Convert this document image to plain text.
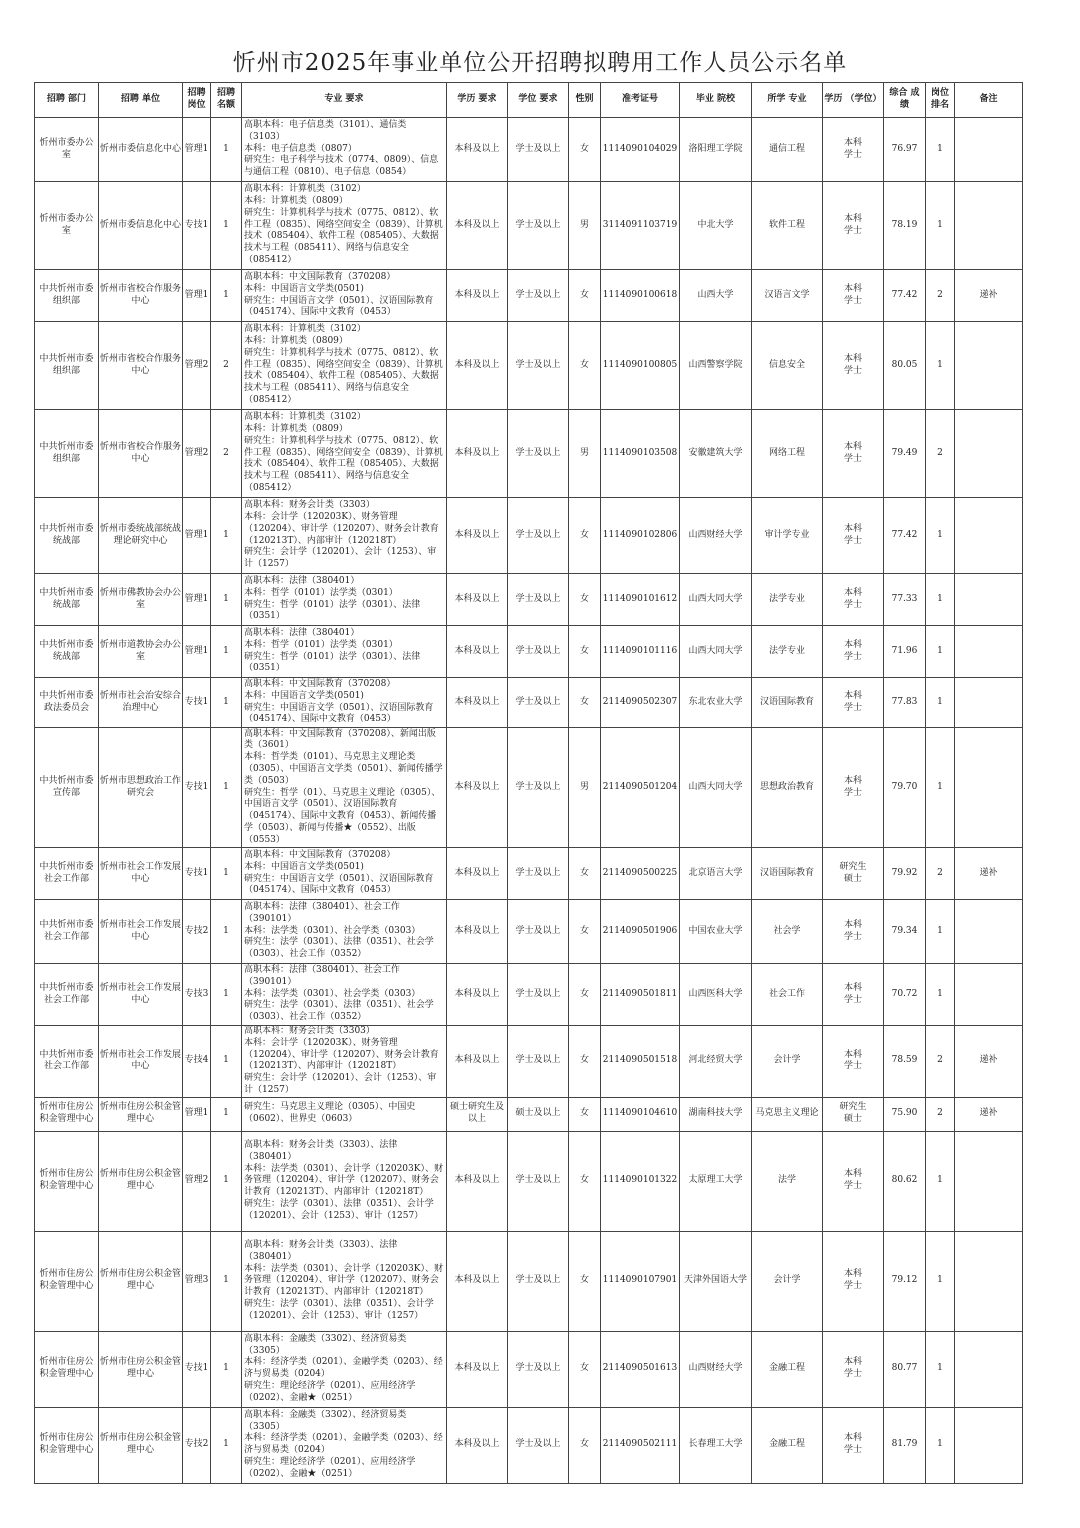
忻州市2025年事业单位公开招聘拟聘用工作人员公示名单
招聘 部门	招聘 单位	招聘 岗位	招聘 名额	专业 要求	学历 要求	学位 要求	性别	准考证号	毕业 院校	所学 专业	学历 （学位）	综合 成绩	岗位 排名	备注
忻州市委办公室	忻州市委信息化中心	管理1	1	高职本科：电子信息类（3101）、通信类（3103）
本科：电子信息类（0807）
研究生：电子科学与技术（0774、0809）、信息与通信工程（0810）、电子信息（0854）	本科及以上	学士及以上	女	1114090104029	洛阳理工学院	通信工程	本科
学士	76.97	1	
忻州市委办公室	忻州市委信息化中心	专技1	1	高职本科：计算机类（3102）
本科：计算机类（0809）
研究生：计算机科学与技术（0775、0812）、软件工程（0835）、网络空间安全（0839）、计算机技术（085404）、软件工程（085405）、大数据技术与工程（085411）、网络与信息安全（085412）	本科及以上	学士及以上	男	3114091103719	中北大学	软件工程	本科
学士	78.19	1	
中共忻州市委组织部	忻州市省校合作服务中心	管理1	1	高职本科：中文国际教育（370208）
本科：中国语言文学类(0501)
研究生：中国语言文学（0501）、汉语国际教育（045174）、国际中文教育（0453）	本科及以上	学士及以上	女	1114090100618	山西大学	汉语言文学	本科
学士	77.42	2	递补
中共忻州市委组织部	忻州市省校合作服务中心	管理2	2	高职本科：计算机类（3102）
本科：计算机类（0809）
研究生：计算机科学与技术（0775、0812）、软件工程（0835）、网络空间安全（0839）、计算机技术（085404）、软件工程（085405）、大数据技术与工程（085411）、网络与信息安全（085412）	本科及以上	学士及以上	女	1114090100805	山西警察学院	信息安全	本科
学士	80.05	1	
中共忻州市委组织部	忻州市省校合作服务中心	管理2	2	高职本科：计算机类（3102）
本科：计算机类（0809）
研究生：计算机科学与技术（0775、0812）、软件工程（0835）、网络空间安全（0839）、计算机技术（085404）、软件工程（085405）、大数据技术与工程（085411）、网络与信息安全（085412）	本科及以上	学士及以上	男	1114090103508	安徽建筑大学	网络工程	本科
学士	79.49	2	
中共忻州市委统战部	忻州市委统战部统战理论研究中心	管理1	1	高职本科：财务会计类（3303）
本科：会计学（120203K）、财务管理（120204）、审计学（120207）、财务会计教育（120213T）、内部审计（120218T）
研究生：会计学（120201）、会计（1253）、审计（1257）	本科及以上	学士及以上	女	1114090102806	山西财经大学	审计学专业	本科
学士	77.42	1	
中共忻州市委统战部	忻州市佛教协会办公室	管理1	1	高职本科：法律（380401）
本科：哲学（0101）法学类（0301）
研究生：哲学（0101）法学（0301）、法律（0351）	本科及以上	学士及以上	女	1114090101612	山西大同大学	法学专业	本科
学士	77.33	1	
中共忻州市委统战部	忻州市道教协会办公室	管理1	1	高职本科：法律（380401）
本科：哲学（0101）法学类（0301）
研究生：哲学（0101）法学（0301）、法律（0351）	本科及以上	学士及以上	女	1114090101116	山西大同大学	法学专业	本科
学士	71.96	1	
中共忻州市委政法委员会	忻州市社会治安综合治理中心	专技1	1	高职本科：中文国际教育（370208）
本科：中国语言文学类(0501)
研究生：中国语言文学（0501）、汉语国际教育（045174）、国际中文教育（0453）	本科及以上	学士及以上	女	2114090502307	东北农业大学	汉语国际教育	本科
学士	77.83	1	
中共忻州市委宣传部	忻州市思想政治工作研究会	专技1	1	高职本科：中文国际教育（370208）、新闻出版类（3601）
本科：哲学类（0101）、马克思主义理论类（0305）、中国语言文学类（0501）、新闻传播学类（0503）
研究生：哲学（01）、马克思主义理论（0305）、中国语言文学（0501）、汉语国际教育（045174）、国际中文教育（0453）、新闻传播学（0503）、新闻与传播★（0552）、出版（0553）	本科及以上	学士及以上	男	2114090501204	山西大同大学	思想政治教育	本科
学士	79.70	1	
中共忻州市委社会工作部	忻州市社会工作发展中心	专技1	1	高职本科：中文国际教育（370208）
本科：中国语言文学类(0501)
研究生：中国语言文学（0501）、汉语国际教育（045174）、国际中文教育（0453）	本科及以上	学士及以上	女	2114090500225	北京语言大学	汉语国际教育	研究生
硕士	79.92	2	递补
中共忻州市委社会工作部	忻州市社会工作发展中心	专技2	1	高职本科：法律（380401）、社会工作（390101）
本科：法学类（0301）、社会学类（0303）
研究生：法学（0301）、法律（0351）、社会学（0303）、社会工作（0352）	本科及以上	学士及以上	女	2114090501906	中国农业大学	社会学	本科
学士	79.34	1	
中共忻州市委社会工作部	忻州市社会工作发展中心	专技3	1	高职本科：法律（380401）、社会工作（390101）
本科：法学类（0301）、社会学类（0303）
研究生：法学（0301）、法律（0351）、社会学（0303）、社会工作（0352）	本科及以上	学士及以上	女	2114090501811	山西医科大学	社会工作	本科
学士	70.72	1	
中共忻州市委社会工作部	忻州市社会工作发展中心	专技4	1	高职本科：财务会计类（3303）
本科：会计学（120203K）、财务管理（120204）、审计学（120207）、财务会计教育（120213T）、内部审计（120218T）
研究生：会计学（120201）、会计（1253）、审计（1257）	本科及以上	学士及以上	女	2114090501518	河北经贸大学	会计学	本科
学士	78.59	2	递补
忻州市住房公积金管理中心	忻州市住房公积金管理中心	管理1	1	研究生：马克思主义理论（0305）、中国史（0602）、世界史（0603）	硕士研究生及以上	硕士及以上	女	1114090104610	湖南科技大学	马克思主义理论	研究生
硕士	75.90	2	递补
忻州市住房公积金管理中心	忻州市住房公积金管理中心	管理2	1	高职本科：财务会计类（3303）、法律（380401）
本科：法学类（0301）、会计学（120203K）、财务管理（120204）、审计学（120207）、财务会计教育（120213T）、内部审计（120218T）
研究生：法学（0301）、法律（0351）、会计学（120201）、会计（1253）、审计（1257）	本科及以上	学士及以上	女	1114090101322	太原理工大学	法学	本科
学士	80.62	1	
忻州市住房公积金管理中心	忻州市住房公积金管理中心	管理3	1	高职本科：财务会计类（3303）、法律（380401）
本科：法学类（0301）、会计学（120203K）、财务管理（120204）、审计学（120207）、财务会计教育（120213T）、内部审计（120218T）
研究生：法学（0301）、法律（0351）、会计学（120201）、会计（1253）、审计（1257）	本科及以上	学士及以上	女	1114090107901	天津外国语大学	会计学	本科
学士	79.12	1	
忻州市住房公积金管理中心	忻州市住房公积金管理中心	专技1	1	高职本科：金融类（3302）、经济贸易类（3305）
本科：经济学类（0201）、金融学类（0203）、经济与贸易类（0204）
研究生：理论经济学（0201）、应用经济学（0202）、金融★（0251）	本科及以上	学士及以上	女	2114090501613	山西财经大学	金融工程	本科
学士	80.77	1	
忻州市住房公积金管理中心	忻州市住房公积金管理中心	专技2	1	高职本科：金融类（3302）、经济贸易类（3305）
本科：经济学类（0201）、金融学类（0203）、经济与贸易类（0204）
研究生：理论经济学（0201）、应用经济学（0202）、金融★（0251）	本科及以上	学士及以上	女	2114090502111	长春理工大学	金融工程	本科
学士	81.79	1	
